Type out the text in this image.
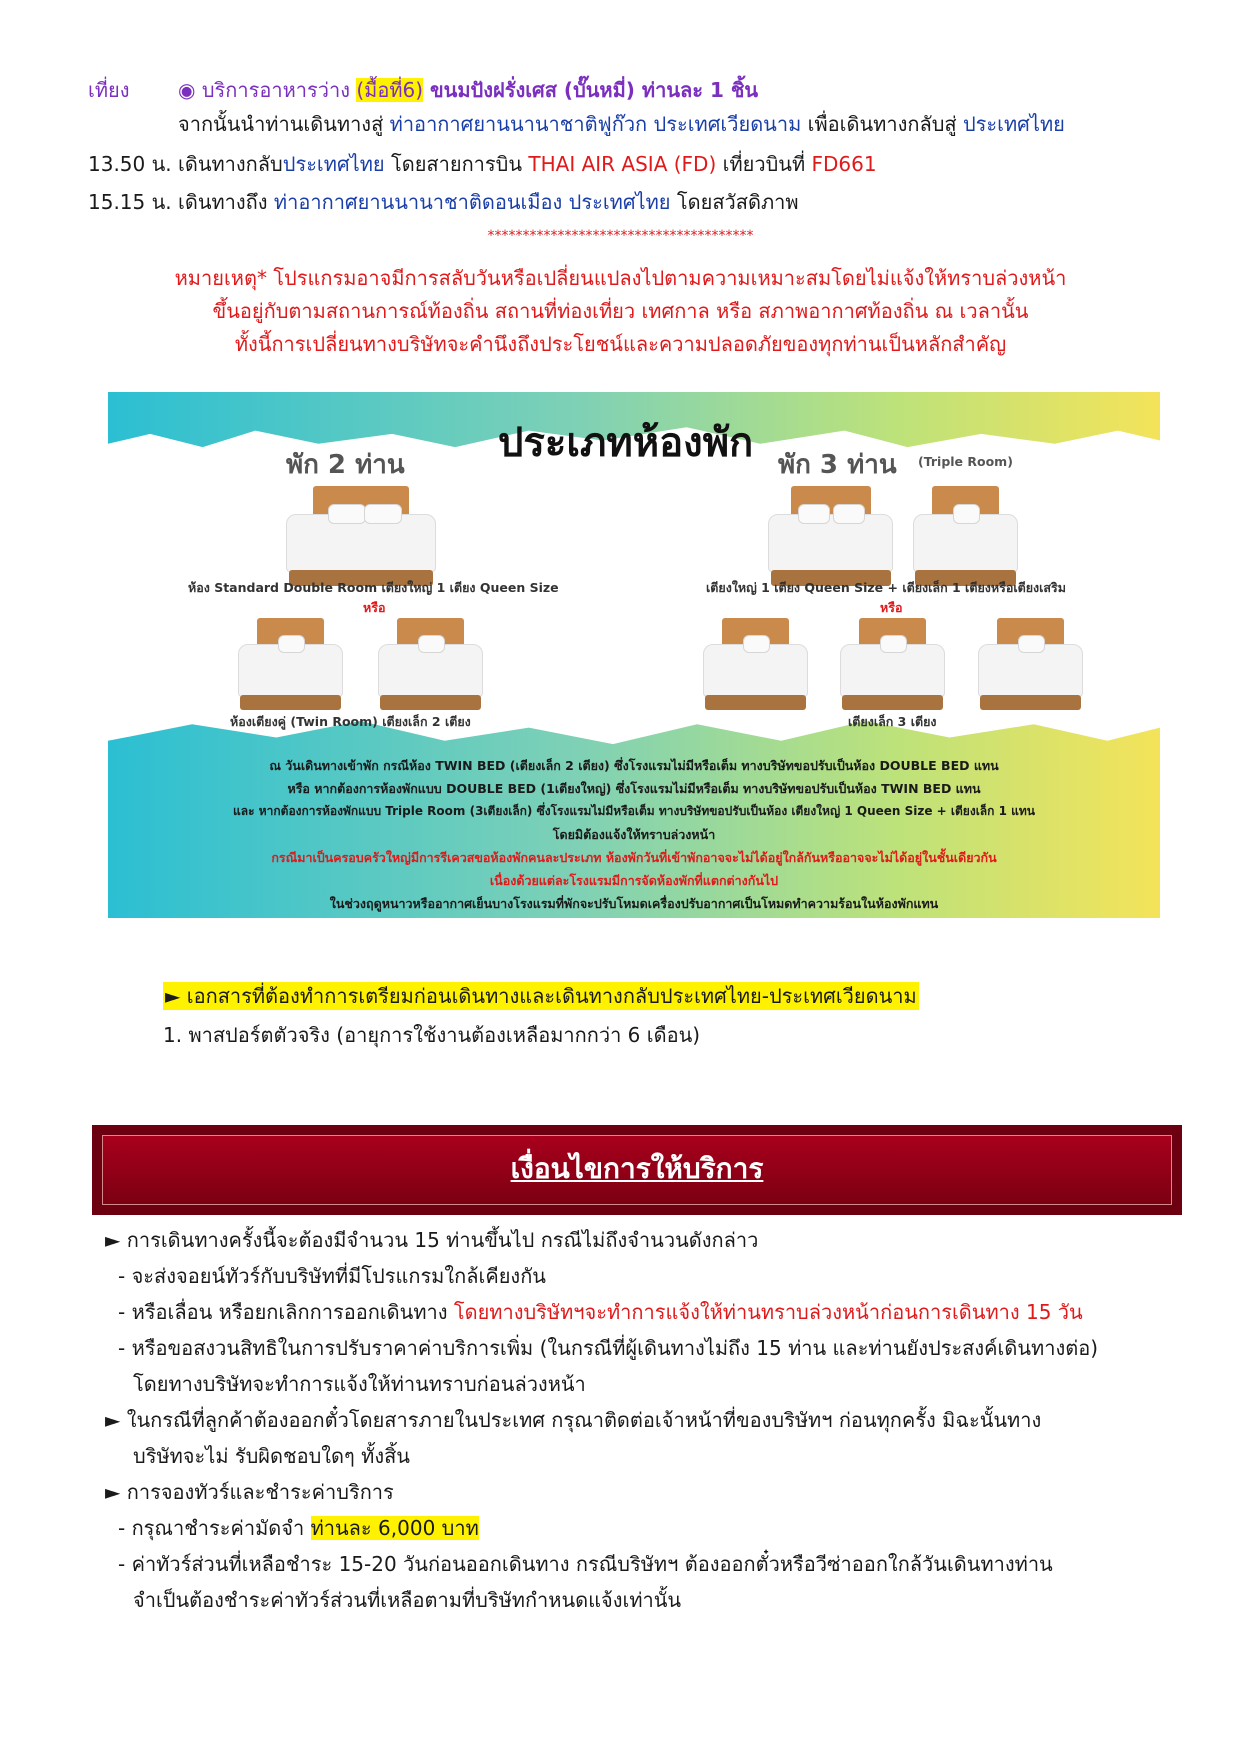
เที่ยง ◉ บริการอาหารว่าง (มื้อที่6) ขนมปังฝรั่งเศส (บั๊นหมี่) ท่านละ 1 ชิ้น
จากนั้นนำท่านเดินทางสู่ ท่าอากาศยานนานาชาติฟูก๊วก ประเทศเวียดนาม เพื่อเดินทางกลับสู่ ประเทศไทย
13.50 น. เดินทางกลับประเทศไทย โดยสายการบิน THAI AIR ASIA (FD) เที่ยวบินที่ FD661
15.15 น. เดินทางถึง ท่าอากาศยานนานาชาติดอนเมือง ประเทศไทย โดยสวัสดิภาพ
**************************************
หมายเหตุ* โปรแกรมอาจมีการสลับวันหรือเปลี่ยนแปลงไปตามความเหมาะสมโดยไม่แจ้งให้ทราบล่วงหน้า
ขึ้นอยู่กับตามสถานการณ์ท้องถิ่น สถานที่ท่องเที่ยว เทศกาล หรือ สภาพอากาศท้องถิ่น ณ เวลานั้น
ทั้งนี้การเปลี่ยนทางบริษัทจะคำนึงถึงประโยชน์และความปลอดภัยของทุกท่านเป็นหลักสำคัญ
ประเภทห้องพัก
พัก 2 ท่าน	พัก 3 ท่าน (Triple Room)
ห้อง Standard Double Room เตียงใหญ่ 1 เตียง Queen Size	เตียงใหญ่ 1 เตียง Queen Size + เตียงเล็ก 1 เตียงหรือเตียงเสริม
หรือ	หรือ
ห้องเตียงคู่ (Twin Room) เตียงเล็ก 2 เตียง	เตียงเล็ก 3 เตียง
ณ วันเดินทางเข้าพัก กรณีห้อง TWIN BED (เตียงเล็ก 2 เตียง) ซึ่งโรงแรมไม่มีหรือเต็ม ทางบริษัทขอปรับเป็นห้อง DOUBLE BED แทน
หรือ หากต้องการห้องพักแบบ DOUBLE BED (1เตียงใหญ่) ซึ่งโรงแรมไม่มีหรือเต็ม ทางบริษัทขอปรับเป็นห้อง TWIN BED แทน
และ หากต้องการห้องพักแบบ Triple Room (3เตียงเล็ก) ซึ่งโรงแรมไม่มีหรือเต็ม ทางบริษัทขอปรับเป็นห้อง เตียงใหญ่ 1 Queen Size + เตียงเล็ก 1 แทน
โดยมิต้องแจ้งให้ทราบล่วงหน้า
กรณีมาเป็นครอบครัวใหญ่มีการรีเควสขอห้องพักคนละประเภท ห้องพักวันที่เข้าพักอาจจะไม่ได้อยู่ใกล้กันหรืออาจจะไม่ได้อยู่ในชั้นเดียวกัน
เนื่องด้วยแต่ละโรงแรมมีการจัดห้องพักที่แตกต่างกันไป
ในช่วงฤดูหนาวหรืออากาศเย็นบางโรงแรมที่พักจะปรับโหมดเครื่องปรับอากาศเป็นโหมดทำความร้อนในห้องพักแทน
► เอกสารที่ต้องทำการเตรียมก่อนเดินทางและเดินทางกลับประเทศไทย-ประเทศเวียดนาม
1. พาสปอร์ตตัวจริง (อายุการใช้งานต้องเหลือมากกว่า 6 เดือน)
เงื่อนไขการให้บริการ
► การเดินทางครั้งนี้จะต้องมีจำนวน 15 ท่านขึ้นไป กรณีไม่ถึงจำนวนดังกล่าว
- จะส่งจอยน์ทัวร์กับบริษัทที่มีโปรแกรมใกล้เคียงกัน
- หรือเลื่อน หรือยกเลิกการออกเดินทาง โดยทางบริษัทฯจะทำการแจ้งให้ท่านทราบล่วงหน้าก่อนการเดินทาง 15 วัน
- หรือขอสงวนสิทธิในการปรับราคาค่าบริการเพิ่ม (ในกรณีที่ผู้เดินทางไม่ถึง 15 ท่าน และท่านยังประสงค์เดินทางต่อ)
โดยทางบริษัทจะทำการแจ้งให้ท่านทราบก่อนล่วงหน้า
► ในกรณีที่ลูกค้าต้องออกตั๋วโดยสารภายในประเทศ กรุณาติดต่อเจ้าหน้าที่ของบริษัทฯ ก่อนทุกครั้ง มิฉะนั้นทาง
บริษัทจะไม่ รับผิดชอบใดๆ ทั้งสิ้น
► การจองทัวร์และชำระค่าบริการ
- กรุณาชำระค่ามัดจำ ท่านละ 6,000 บาท
- ค่าทัวร์ส่วนที่เหลือชำระ 15-20 วันก่อนออกเดินทาง กรณีบริษัทฯ ต้องออกตั๋วหรือวีซ่าออกใกล้วันเดินทางท่าน
จำเป็นต้องชำระค่าทัวร์ส่วนที่เหลือตามที่บริษัทกำหนดแจ้งเท่านั้น
